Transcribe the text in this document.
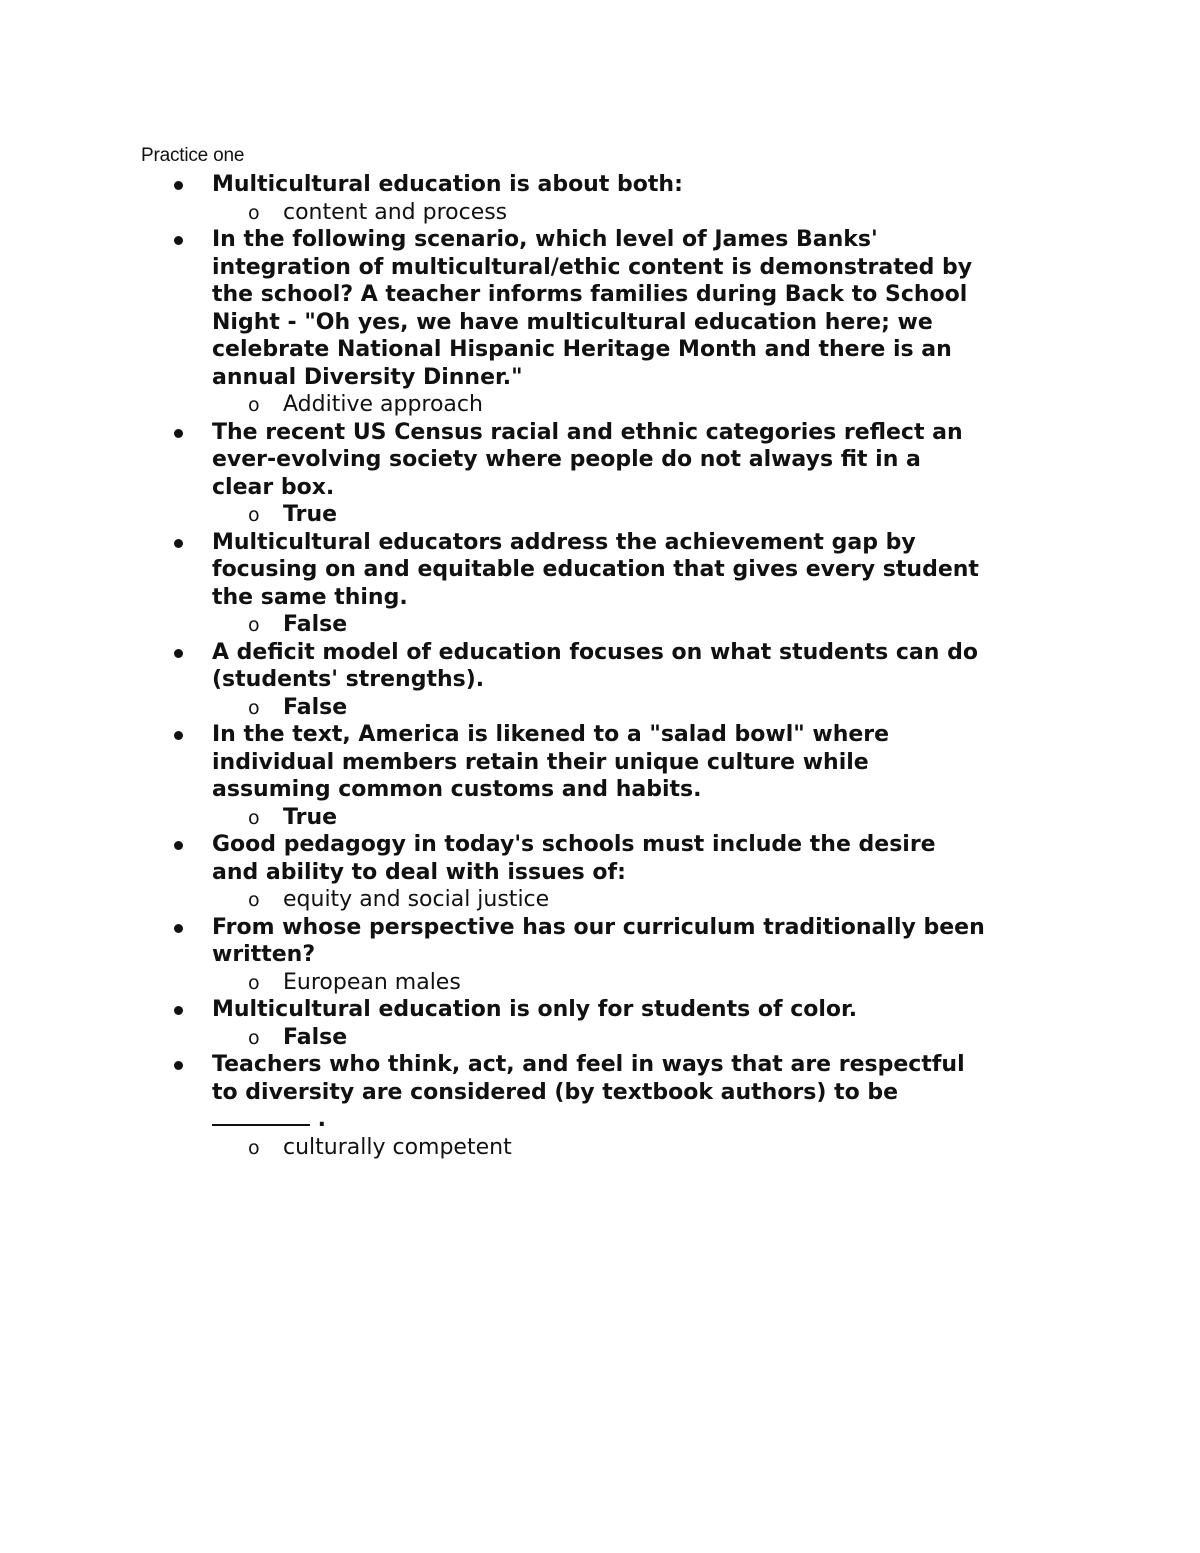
Practice one
Multicultural education is about both:
o content and process
In the following scenario, which level of James Banks'
integration of multicultural/ethic content is demonstrated by
the school? A teacher informs families during Back to School
Night - "Oh yes, we have multicultural education here; we
celebrate National Hispanic Heritage Month and there is an
annual Diversity Dinner."
o Additive approach
The recent US Census racial and ethnic categories reflect an
ever-evolving society where people do not always fit in a
clear box.
o True
Multicultural educators address the achievement gap by
focusing on and equitable education that gives every student
the same thing.
o False
A deficit model of education focuses on what students can do
(students' strengths).
o False
In the text, America is likened to a "salad bowl" where
individual members retain their unique culture while
assuming common customs and habits.
o True
Good pedagogy in today's schools must include the desire
and ability to deal with issues of:
o equity and social justice
From whose perspective has our curriculum traditionally been
written?
o European males
Multicultural education is only for students of color.
o False
Teachers who think, act, and feel in ways that are respectful
to diversity are considered (by textbook authors) to be
.
o culturally competent
